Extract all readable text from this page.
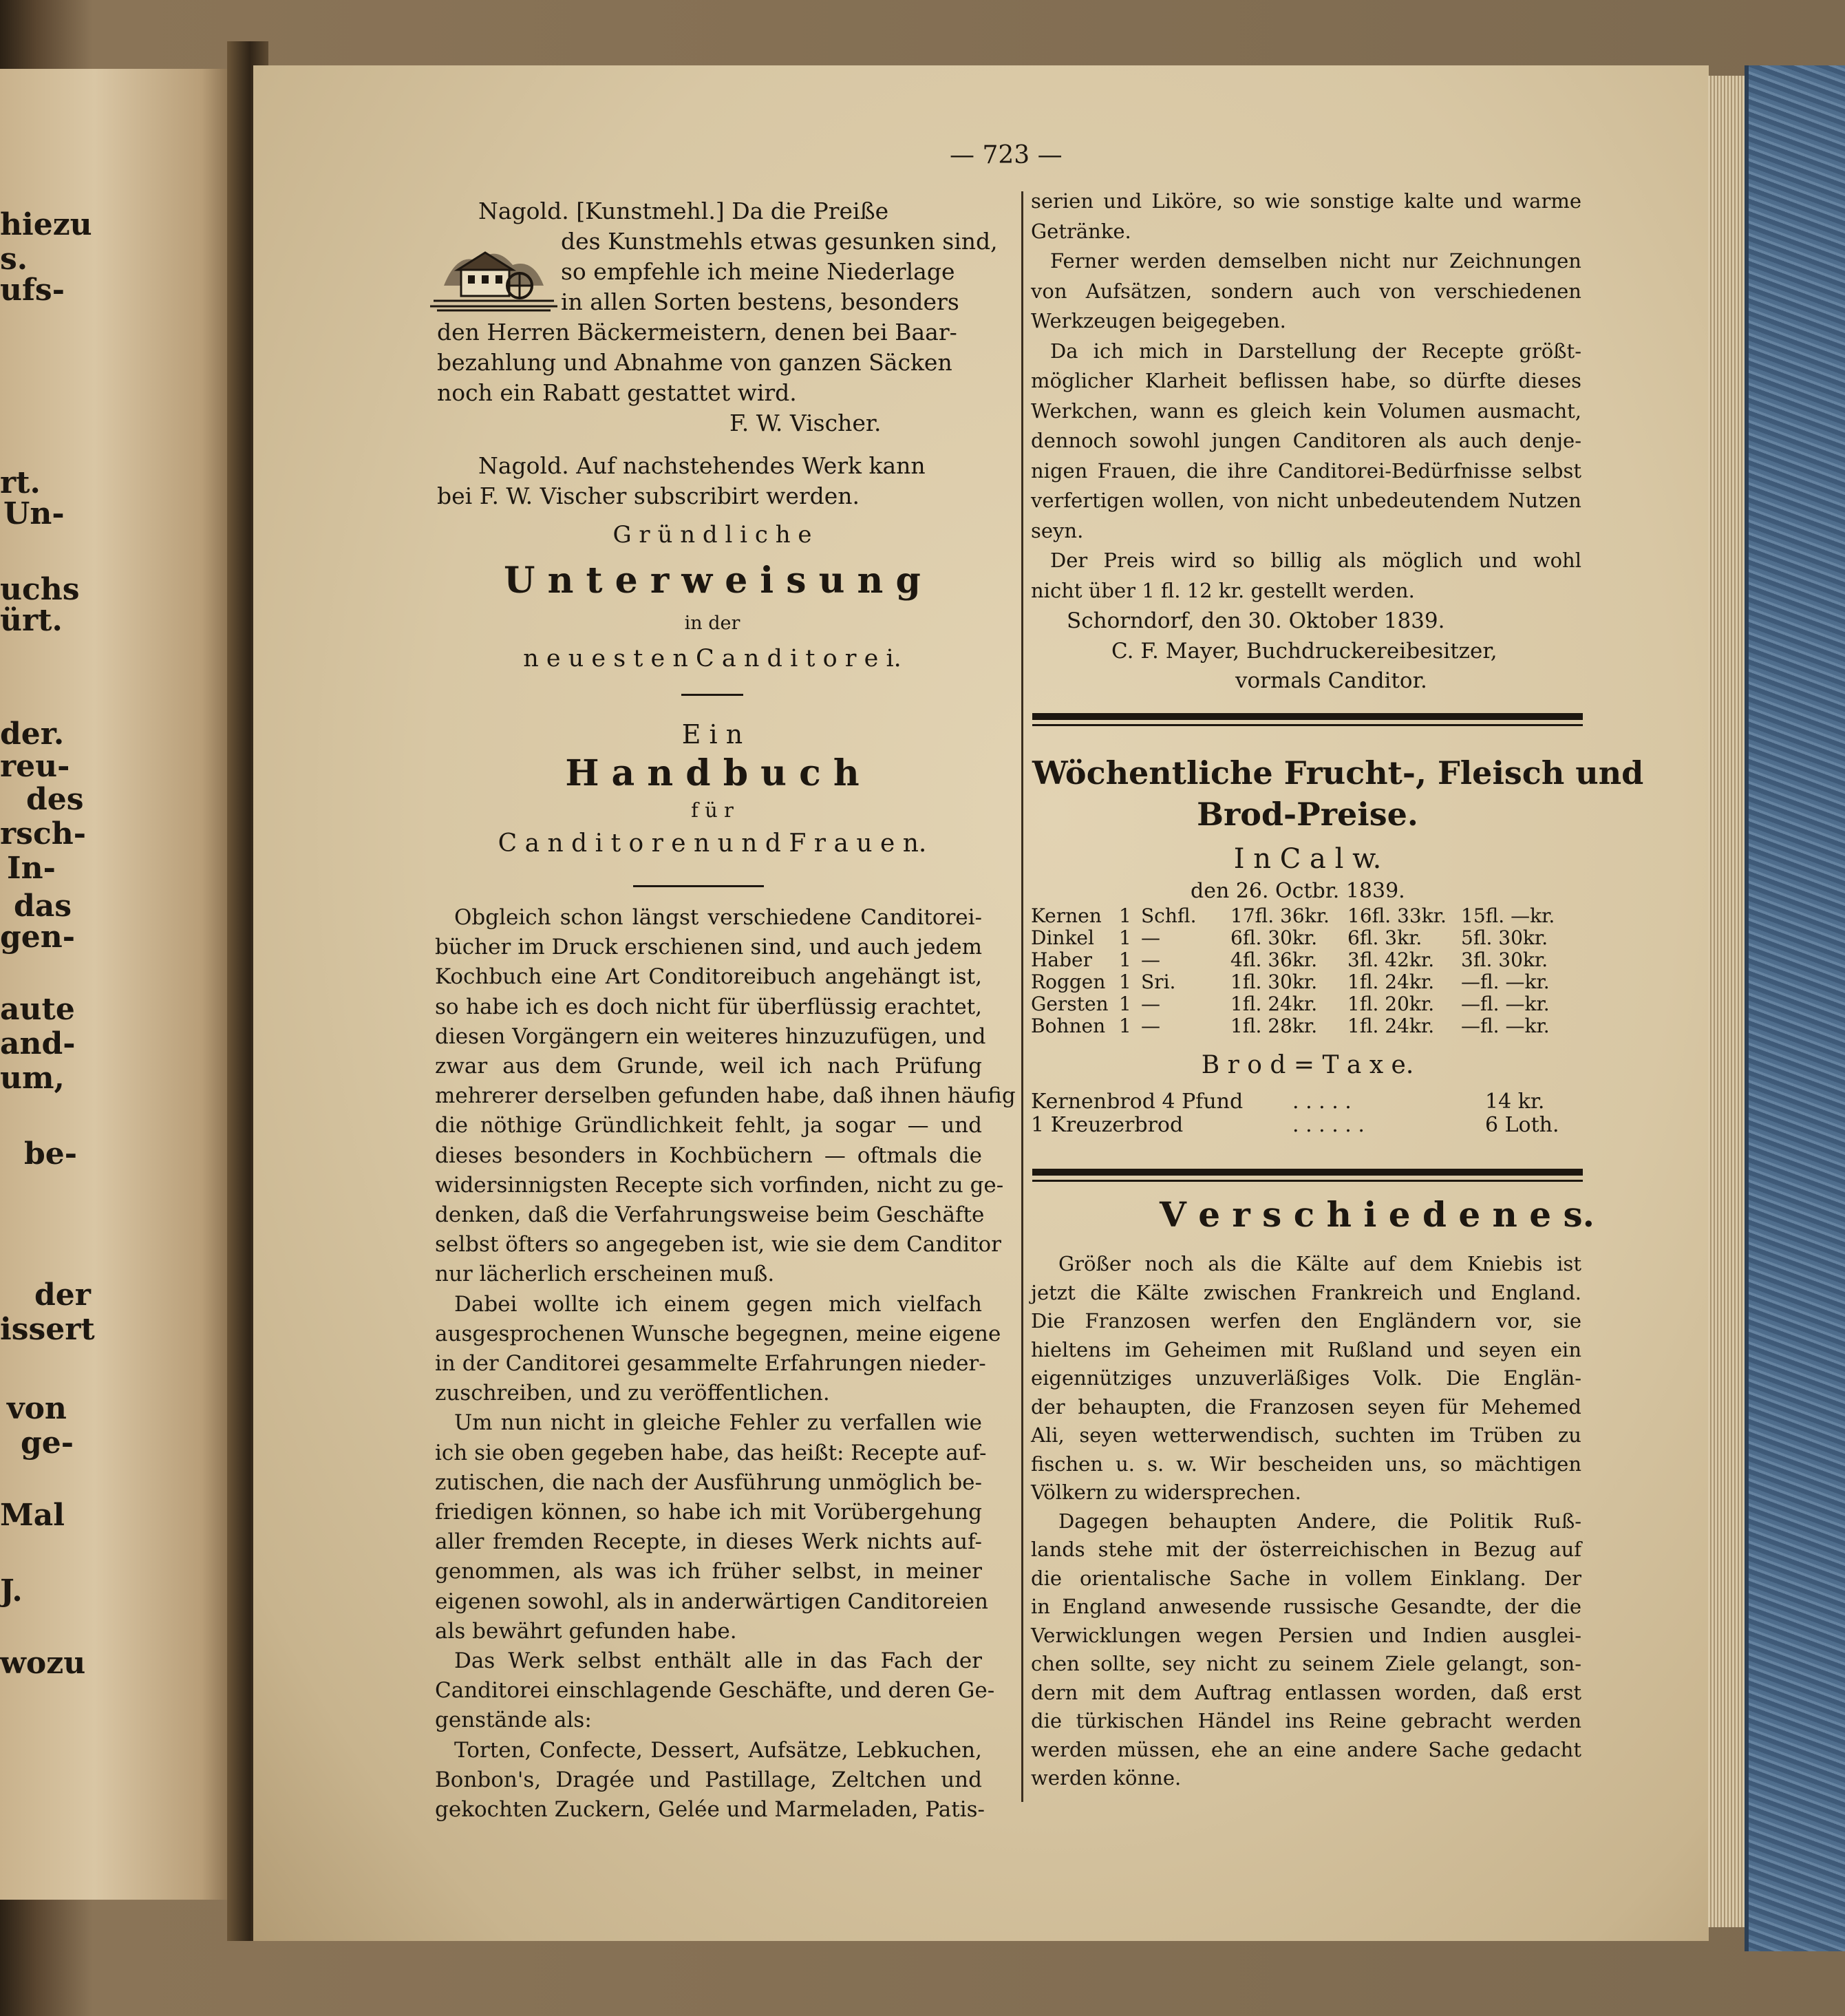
hiezu
s.
ufs-
rt.
Un-
uchs
ürt.
der.
reu-
des
rsch-
In-
das
gen-
aute
and-
um,
be-
der
issert
von
ge-
Mal
J.
wozu
— 723 —
Nagold. [Kunstmehl.] Da die Preiße
des Kunstmehls etwas gesunken sind,
so empfehle ich meine Niederlage
in allen Sorten bestens, besonders
den Herren Bäckermeistern, denen bei Baar-
bezahlung und Abnahme von ganzen Säcken
noch ein Rabatt gestattet wird.
F. W. Vischer.
Nagold. Auf nachstehendes Werk kann
bei F. W. Vischer subscribirt werden.
G r ü n d l i c h e
U n t e r w e i s u n g
in der
n e u e s t e n C a n d i t o r e i.
E i n
H a n d b u c h
f ü r
C a n d i t o r e n u n d F r a u e n.
Wöchentliche Frucht-, Fleisch und
Brod-Preise.
I n C a l w.
den 26. Octbr. 1839.
B r o d = T a x e.
V e r s c h i e d e n e s.
Obgleich schon längst verschiedene Canditorei-
bücher im Druck erschienen sind, und auch jedem
Kochbuch eine Art Conditoreibuch angehängt ist,
so habe ich es doch nicht für überflüssig erachtet,
diesen Vorgängern ein weiteres hinzuzufügen, und
zwar aus dem Grunde, weil ich nach Prüfung
mehrerer derselben gefunden habe, daß ihnen häufig
die nöthige Gründlichkeit fehlt, ja sogar — und
dieses besonders in Kochbüchern — oftmals die
widersinnigsten Recepte sich vorfinden, nicht zu ge-
denken, daß die Verfahrungsweise beim Geschäfte
selbst öfters so angegeben ist, wie sie dem Canditor
nur lächerlich erscheinen muß.
Dabei wollte ich einem gegen mich vielfach
ausgesprochenen Wunsche begegnen, meine eigene
in der Canditorei gesammelte Erfahrungen nieder-
zuschreiben, und zu veröffentlichen.
Um nun nicht in gleiche Fehler zu verfallen wie
ich sie oben gegeben habe, das heißt: Recepte auf-
zutischen, die nach der Ausführung unmöglich be-
friedigen können, so habe ich mit Vorübergehung
aller fremden Recepte, in dieses Werk nichts auf-
genommen, als was ich früher selbst, in meiner
eigenen sowohl, als in anderwärtigen Canditoreien
als bewährt gefunden habe.
Das Werk selbst enthält alle in das Fach der
Canditorei einschlagende Geschäfte, und deren Ge-
genstände als:
Torten, Confecte, Dessert, Aufsätze, Lebkuchen,
Bonbon's, Dragée und Pastillage, Zeltchen und
gekochten Zuckern, Gelée und Marmeladen, Patis-
serien und Liköre, so wie sonstige kalte und warme
Getränke.
Ferner werden demselben nicht nur Zeichnungen
von Aufsätzen, sondern auch von verschiedenen
Werkzeugen beigegeben.
Da ich mich in Darstellung der Recepte größt-
möglicher Klarheit beflissen habe, so dürfte dieses
Werkchen, wann es gleich kein Volumen ausmacht,
dennoch sowohl jungen Canditoren als auch denje-
nigen Frauen, die ihre Canditorei-Bedürfnisse selbst
verfertigen wollen, von nicht unbedeutendem Nutzen
seyn.
Der Preis wird so billig als möglich und wohl
nicht über 1 fl. 12 kr. gestellt werden.
Schorndorf, den 30. Oktober 1839.
C. F. Mayer, Buchdruckereibesitzer,
vormals Canditor.
Kernen 1 Schfl. 17fl. 36kr. 16fl. 33kr. 15fl. —kr.
Dinkel 1 —	6fl. 30kr. 6fl. 3kr. 5fl. 30kr.
Haber 1 —	4fl. 36kr. 3fl. 42kr. 3fl. 30kr.
Roggen 1 Sri.	1fl. 30kr. 1fl. 24kr. —fl. —kr.
Gersten 1 —	1fl. 24kr. 1fl. 20kr. —fl. —kr.
Bohnen 1 —	1fl. 28kr. 1fl. 24kr. —fl. —kr.
Kernenbrod 4 Pfund . . . . .	14 kr.
1 Kreuzerbrod	. . . . . .	6 Loth.
Größer noch als die Kälte auf dem Kniebis ist
jetzt die Kälte zwischen Frankreich und England.
Die Franzosen werfen den Engländern vor, sie
hieltens im Geheimen mit Rußland und seyen ein
eigennütziges unzuverläßiges Volk. Die Englän-
der behaupten, die Franzosen seyen für Mehemed
Ali, seyen wetterwendisch, suchten im Trüben zu
fischen u. s. w. Wir bescheiden uns, so mächtigen
Völkern zu widersprechen.
Dagegen behaupten Andere, die Politik Ruß-
lands stehe mit der österreichischen in Bezug auf
die orientalische Sache in vollem Einklang. Der
in England anwesende russische Gesandte, der die
Verwicklungen wegen Persien und Indien ausglei-
chen sollte, sey nicht zu seinem Ziele gelangt, son-
dern mit dem Auftrag entlassen worden, daß erst
die türkischen Händel ins Reine gebracht werden
werden müssen, ehe an eine andere Sache gedacht
werden könne.
